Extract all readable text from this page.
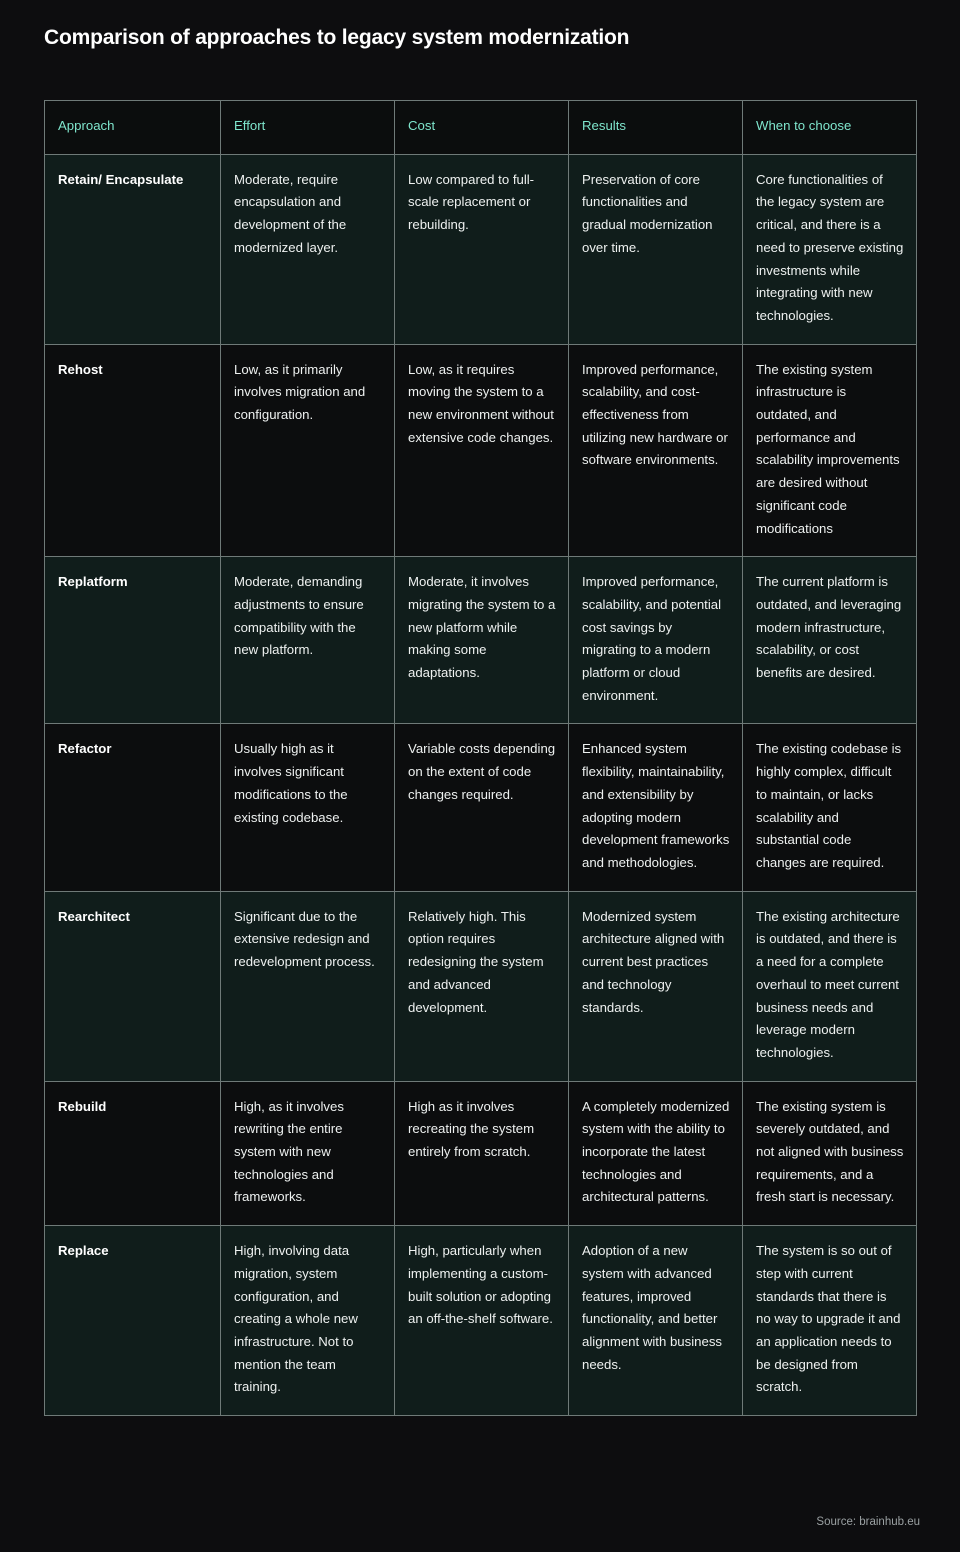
Comparison of approaches to legacy system modernization
Approach	Effort	Cost	Results	When to choose
Retain/ Encapsulate	Moderate, require encapsulation and development of the modernized layer.	Low compared to full-scale replacement or rebuilding.	Preservation of core functionalities and gradual modernization over time.	Core functionalities of the legacy system are critical, and there is a need to preserve existing investments while integrating with new technologies.
Rehost	Low, as it primarily involves migration and configuration.	Low, as it requires moving the system to a new environment without extensive code changes.	Improved performance, scalability, and cost-effectiveness from utilizing new hardware or software environments.	The existing system infrastructure is outdated, and performance and scalability improvements are desired without significant code modifications
Replatform	Moderate, demanding adjustments to ensure compatibility with the new platform.	Moderate, it involves migrating the system to a new platform while making some adaptations.	Improved performance, scalability, and potential cost savings by migrating to a modern platform or cloud environment.	The current platform is outdated, and leveraging modern infrastructure, scalability, or cost benefits are desired.
Refactor	Usually high as it involves significant modifications to the existing codebase.	Variable costs depending on the extent of code changes required.	Enhanced system flexibility, maintainability, and extensibility by adopting modern development frameworks and methodologies.	The existing codebase is highly complex, difficult to maintain, or lacks scalability and substantial code changes are required.
Rearchitect	Significant due to the extensive redesign and redevelopment process.	Relatively high. This option requires redesigning the system and advanced development.	Modernized system architecture aligned with current best practices and technology standards.	The existing architecture is outdated, and there is a need for a complete overhaul to meet current business needs and leverage modern technologies.
Rebuild	High, as it involves rewriting the entire system with new technologies and frameworks.	High as it involves recreating the system entirely from scratch.	A completely modernized system with the ability to incorporate the latest technologies and architectural patterns.	The existing system is severely outdated, and not aligned with business requirements, and a fresh start is necessary.
Replace	High, involving data migration, system configuration, and creating a whole new infrastructure. Not to mention the team training.	High, particularly when implementing a custom-built solution or adopting an off-the-shelf software.	Adoption of a new system with advanced features, improved functionality, and better alignment with business needs.	The system is so out of step with current standards that there is no way to upgrade it and an application needs to be designed from scratch.
Source: brainhub.eu
